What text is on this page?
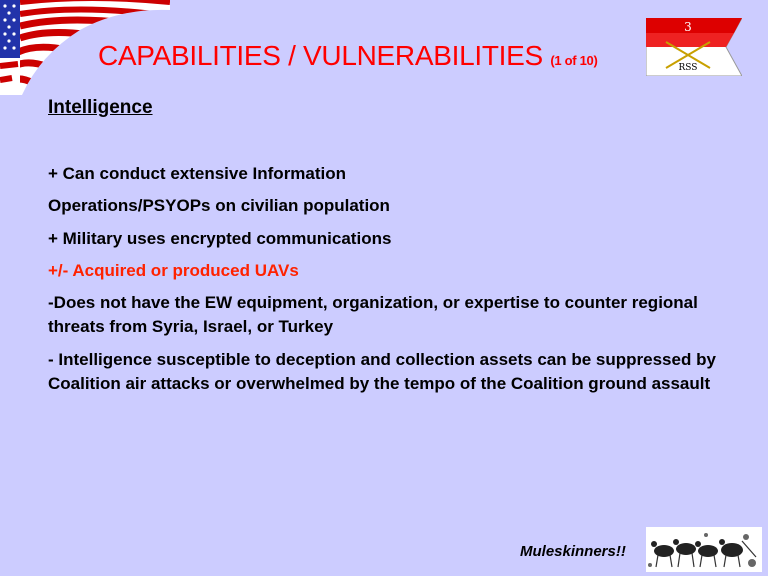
3
RSS
CAPABILITIES / VULNERABILITIES (1 of 10)
Intelligence
+ Can conduct extensive Information
Operations/PSYOPs on civilian population
+ Military uses encrypted communications
+/- Acquired or produced UAVs
-Does not have the EW equipment, organization, or expertise to counter regional threats from Syria, Israel, or Turkey
- Intelligence susceptible to deception and collection assets can be suppressed by Coalition air attacks or overwhelmed by the tempo of the Coalition ground assault
Muleskinners!!
